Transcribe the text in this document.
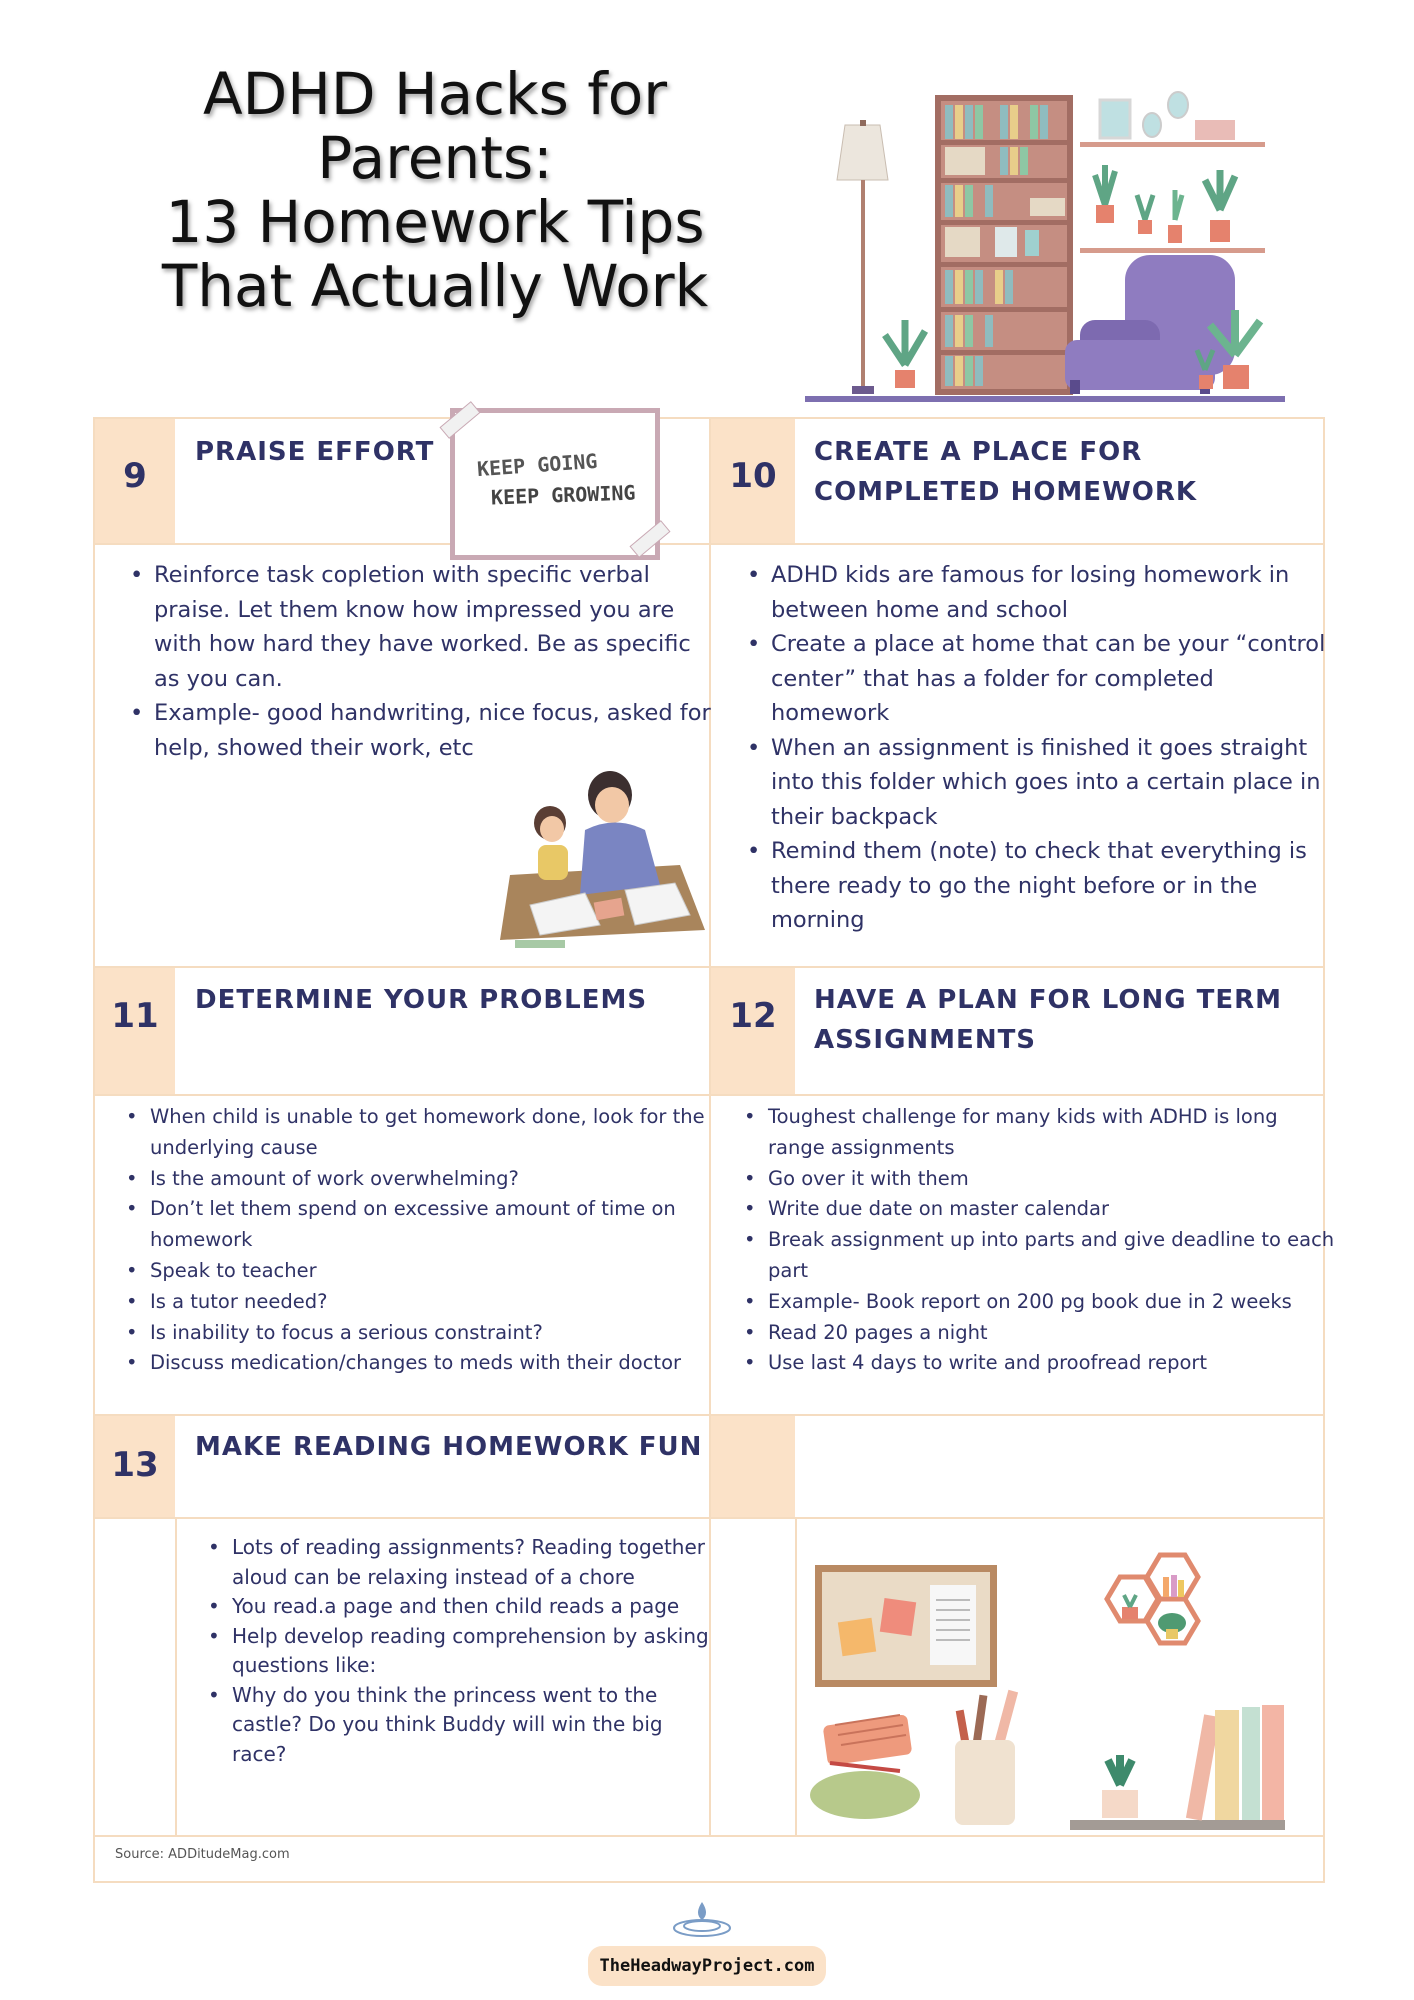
ADHD Hacks for
Parents:
13 Homework Tips
That Actually Work
9	10
11	12
13
PRAISE EFFORT	CREATE A PLACE FOR
COMPLETED HOMEWORK
DETERMINE YOUR PROBLEMS	HAVE A PLAN FOR LONG TERM
ASSIGNMENTS
MAKE READING HOMEWORK FUN
KEEP GOING
KEEP GROWING
• Reinforce task copletion with specific verbal praise. Let them know how impressed you are with how hard they have worked. Be as specific as you can.
• Example- good handwriting, nice focus, asked for help, showed their work, etc
• ADHD kids are famous for losing homework in between home and school
• Create a place at home that can be your “control center” that has a folder for completed homework
• When an assignment is finished it goes straight into this folder which goes into a certain place in their backpack
• Remind them (note) to check that everything is there ready to go the night before or in the morning
• When child is unable to get homework done, look for the underlying cause
• Is the amount of work overwhelming?
• Don’t let them spend on excessive amount of time on homework
• Speak to teacher
• Is a tutor needed?
• Is inability to focus a serious constraint?
• Discuss medication/changes to meds with their doctor
• Toughest challenge for many kids with ADHD is long range assignments
• Go over it with them
• Write due date on master calendar
• Break assignment up into parts and give deadline to each part
• Example- Book report on 200 pg book due in 2 weeks
• Read 20 pages a night
• Use last 4 days to write and proofread report
• Lots of reading assignments? Reading together aloud can be relaxing instead of a chore
• You read.a page and then child reads a page
• Help develop reading comprehension by asking questions like:
• Why do you think the princess went to the castle? Do you think Buddy will win the big race?
Source: ADDitudeMag.com
TheHeadwayProject.com
